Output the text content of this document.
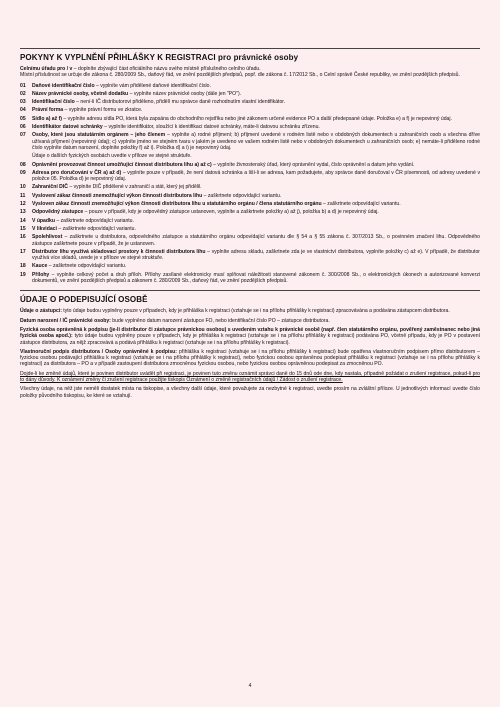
POKYNY K VYPLNĚNÍ PŘIHLÁŠKY K REGISTRACI pro právnické osoby
Celnímu úřadu pro / v – doplníte zbývající část oficiálního názvu svého místně příslušného celního úřadu.
Místní příslušnost se určuje dle zákona č. 280/2009 Sb., daňový řád, ve znění pozdějších předpisů, popř. dle zákona č. 17/2012 Sb., o Celní správě České republiky, ve znění pozdějších předpisů.
01	Daňové identifikační číslo – vyplníte vám přidělené daňové identifikační číslo.
02	Název právnické osoby, včetně dodatku – vyplníte název právnické osoby (dále jen "PO").
03	Identifikační číslo – není-li IČ distributorovi přiděleno, přidělí mu správce daně rozhodnutím vlastní identifikátor.
04	Právní forma – vyplníte právní formu ve zkratce.
05	Sídlo a) až f) – vyplníte adresu sídla PO, která byla zapsána do obchodního rejstříku nebo jiné zákonem určené evidence PO a další předepsané údaje. Položka e) a f) je nepovinný údaj.
06	Identifikátor datové schránky – vyplníte identifikátor, sloužící k identifikaci datové schránky, máte-li datovou schránku zřízenu.
07	Osoby, které jsou statutárním orgánem – jeho členem – vyplníte a) rodné příjmení; b) příjmení uvedené v rodném listě nebo v obdobných dokumentech u zahraničních osob a všechna dříve užívaná příjmení (nepovinný údaj); c) vyplníte jméno ve stejném tvaru v jakém je uvedeno ve vašem rodném listě nebo v obdobných dokumentech u zahraničních osob; e) nemáte-li přiděleno rodné číslo vyplníte datum narození, doplníte položky f) až i). Položka d) a i) je nepovinný údaj.
Údaje o dalších fyzických osobách uvedte v příloze ve stejné struktuře.
08	Oprávnění provozovat činnost umožňující činnost distributora lihu a) až c) – vyplníte živnostenský úřad, který oprávnění vydal, číslo oprávnění a datum jeho vydání.
09	Adresa pro doručování v ČR a) až d) – vyplníte pouze v případě, že není datová schránka a liší-li se adresa, kam požadujete, aby správce daně doručoval v ČR písemnosti, od adresy uvedené v položce 05. Položka d) je nepovinný údaj.
10	Zahraniční DIČ – vyplníte DIČ přidělené v zahraničí a stát, který jej přidělil.
11	Vyslovení zákaz činnosti znemožňující výkon činnosti distributora lihu – zaškrtnete odpovídající variantu.
12	Vysloven zákaz činnosti znemožňující výkon činnosti distributora lihu u statutárního orgánu / člena statutárního orgánu – zaškrtnete odpovídající variantu.
13	Odpovědný zástupce – pouze v případě, kdy je odpovědný zástupce ustanoven, vyplníte a zaškrtnete položky a) až j), položka b) a d) je nepovinný údaj.
14	V úpadku – zaškrtnete odpovídající variantu.
15	V likvidaci – zaškrtnete odpovídající variantu.
16	Spolehlivost – zaškrtnete u distributora, odpovědného zástupce a statutárního orgánu odpovídající variantu dle § 54 a § 55 zákona č. 307/2013 Sb., o povinném značení lihu. Odpovědného zástupce zaškrtnete pouze v případě, že je ustanoven.
17	Distributor lihu využívá skladovací prostory k činnosti distributora lihu – vyplníte adresu skladu, zaškrtnete zda je ve vlastnictví distributora, vyplníte položky c) až e). V případě, že distributor využívá více skladů, uvede je v příloze ve stejné struktuře.
18	Kauce – zaškrtnete odpovídající variantu.
19	Přílohy – vyplníte celkový počet a druh příloh. Přílohy zasílané elektronicky musí splňovat náležitosti stanovené zákonem č. 300/2008 Sb., o elektronických úkonech a autorizované konverzi dokumentů, ve znění pozdějších předpisů a zákonem č. 280/2009 Sb., daňový řád, ve znění pozdějších předpisů.
ÚDAJE O PODEPISUJÍCÍ OSOBĚ

Údaje o zástupci: tyto údaje budou vyplněny pouze v případech, kdy je přihláška k registraci (vztahuje se i na přílohu přihlášky k registraci) zpracovávána a podávána zástupcem distributora.

Datum narození / IČ právnické osoby: bude vyplněno datum narození zástupce FO, nebo identifikační číslo PO – zástupce distributora.

Fyzická osoba oprávněná k podpisu (je-li distributor či zástupce právnickou osobou) s uvedením vztahu k právnické osobě (např. člen statutárního orgánu, pověřený zaměstnanec nebo jiná fyzická osoba apod.): tyto údaje budou vyplněny pouze v případech, kdy je přihláška k registraci (vztahuje se i na přílohu přihlášky k registraci) podávána PO, včetně případu, kdy je PO v postavení zástupce distributora, za nějž zpracovává a podává přihlášku k registraci (vztahuje se i na přílohu přihlášky k registraci).

Vlastnoruční podpis distributora / Osoby oprávněné k podpisu: přihláška k registraci (vztahuje se i na přílohu přihlášky k registraci) bude opatřena vlastnoručním podpisem přímo distributorem – fyzickou osobou podávající přihlášku k registraci (vztahuje se i na přílohu přihlášky k registraci), nebo fyzickou osobou oprávněnou podepisat přihlášku k registraci (vztahuje se i na přílohu přihlášky k registraci) za distributora – PO a v případě zastoupení distributora zmocněnou fyzickou osobou, nebo fyzickou osobou oprávněnou podepisat za zmocněnou PO.

Dojde-li ke změně údajů, které je povinen distributor uvádět při registraci, je povinen tuto změnu oznámit správci daně do 15 dnů ode dne, kdy nastala, případně požádat o zrušení registrace, pokud-li pro to dány důvody. K oznámení změny či zrušení registrace použijte tiskopis Oznámení o změně registračních údajů / Žádost o zrušení registrace.

Všechny údaje, na něž jste neměli dostatek místa na tiskopise, a všechny další údaje, které považujete za nezbytné k registraci, uvedte prosím na zvláštní příloze. U jednotlivých informací uvedte číslo položky původního tiskopisu, ke které se vztahují.

4
